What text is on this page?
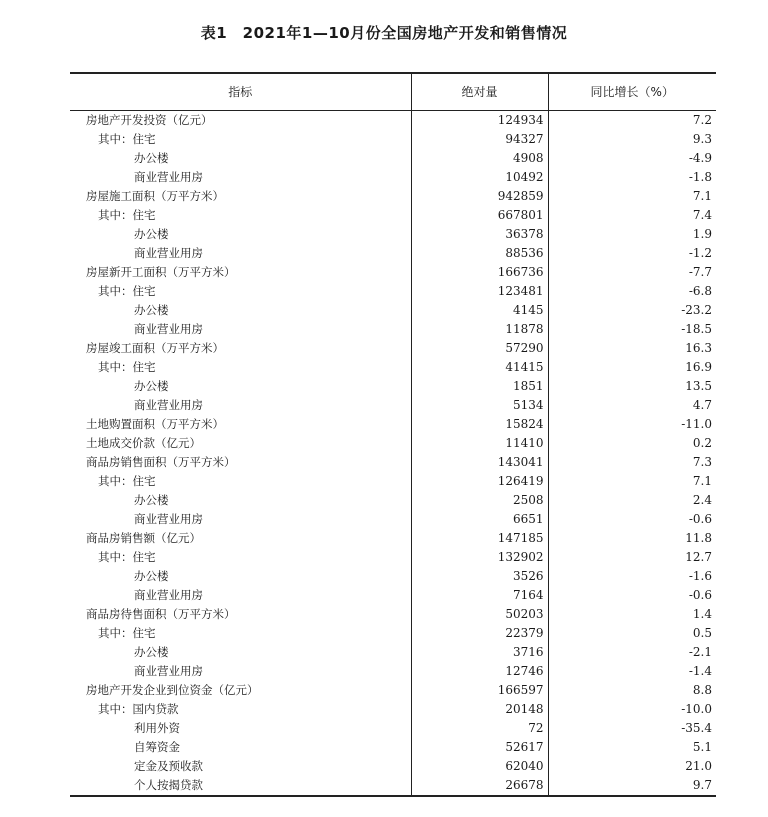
表1　2021年1—10月份全国房地产开发和销售情况
指标	绝对量	同比增长（%）
房地产开发投资（亿元）	124934	7.2
其中：住宅	94327	9.3
办公楼	4908	-4.9
商业营业用房	10492	-1.8
房屋施工面积（万平方米）	942859	7.1
其中：住宅	667801	7.4
办公楼	36378	1.9
商业营业用房	88536	-1.2
房屋新开工面积（万平方米）	166736	-7.7
其中：住宅	123481	-6.8
办公楼	4145	-23.2
商业营业用房	11878	-18.5
房屋竣工面积（万平方米）	57290	16.3
其中：住宅	41415	16.9
办公楼	1851	13.5
商业营业用房	5134	4.7
土地购置面积（万平方米）	15824	-11.0
土地成交价款（亿元）	11410	0.2
商品房销售面积（万平方米）	143041	7.3
其中：住宅	126419	7.1
办公楼	2508	2.4
商业营业用房	6651	-0.6
商品房销售额（亿元）	147185	11.8
其中：住宅	132902	12.7
办公楼	3526	-1.6
商业营业用房	7164	-0.6
商品房待售面积（万平方米）	50203	1.4
其中：住宅	22379	0.5
办公楼	3716	-2.1
商业营业用房	12746	-1.4
房地产开发企业到位资金（亿元）	166597	8.8
其中：国内贷款	20148	-10.0
利用外资	72	-35.4
自筹资金	52617	5.1
定金及预收款	62040	21.0
个人按揭贷款	26678	9.7
